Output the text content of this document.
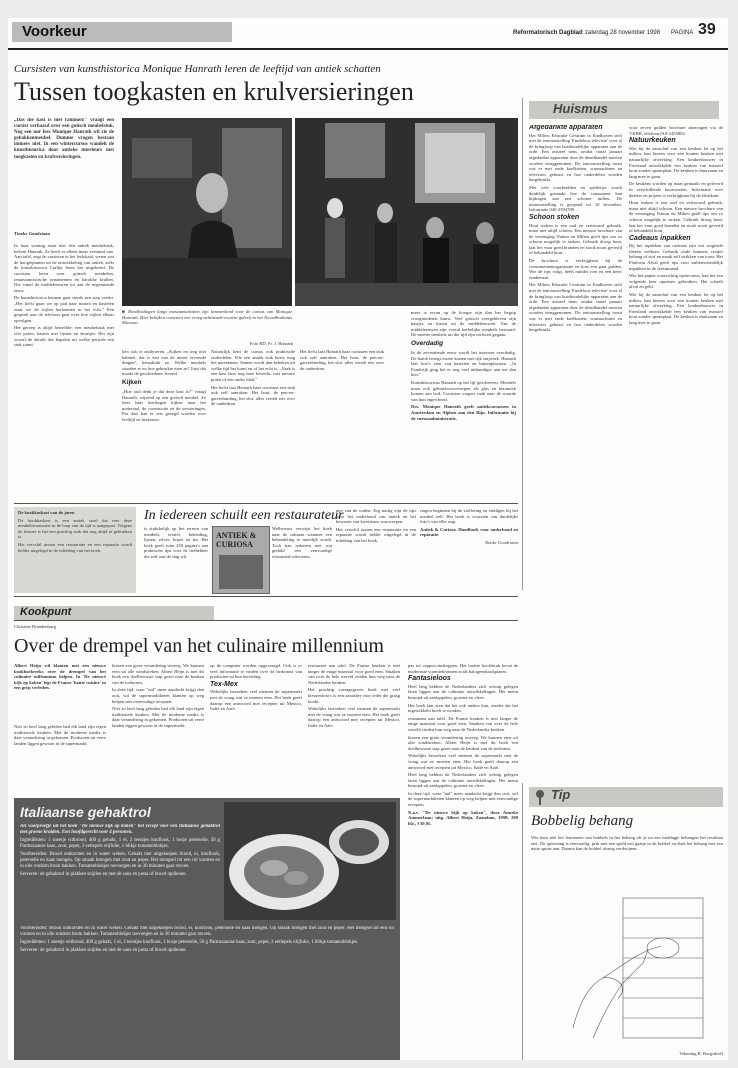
Voorkeur	Reformatorisch Dagblad zaterdag 28 november 1998 PAGINA 39
Cursisten van kunsthistorica Monique Hanrath leren de leeftijd van antiek schatten
Tussen toogkasten en krulversieringen
„Das die kast is niet rammen!" vraagt een cursist verbaasd over een gotisch meubelstuk. Nog een uur lees Monique Hanrath wil zie de gebakkenmeubel. Dumme vragen bestaan immers niet. In een wintercursus wandelt de kunsthistorica door antieke interieurs met toogkasten en krulversieringen.
Tineke Goudriaan

In haar woning staat niet één antiek meubelstuk, bekent Hanrath. Ze heeft er alleen maar verstand van. Aan tafel, zegt de cursisten in het leslokaal, weten wat de hoogtepunten uit de ontwikkeling van antiek, zelfs de kunsthistorica Carlijn leren het uitgebreid. De cursisten leren over gotisch meubelen, renaissancistische ornamenten en barokke krullen. Die vanaf de middeleeuwen tot aan de negentiende eeuw.

De kunsthistorica kennen gaat steeds een stap verder. „Het liefst gaan we op pad naar musea en kastelen waar we de stijlen herkennen in het echt." Een gesprek aan de telefoon gaat over hoe stijlen elkaar opvolgen.

Het geroep is altijd hetzelfde: een meubelstuk met vier poten, kasten met lijsten en deurtjes. Het zijn vooral de details die bepalen uit welke periode een stuk stamt.

■ Rondleidingen langs museumschatten zijn kenmerkend voor de cursus van Monique Hanrath. Hier bekijken cursisten een vroeg-achttiende-eeuwse galerij in het Noordbrabants Museum.
Foto RD, Fr. J. Hanrath

ken ook te analyseren. „Kijken en weg niet kabinet, dat is een van de meest ervoerde dingen", benadrukt ze. Welke meubels stonden er en hoe gebruikte men ze? Juist dat maakt de geschiedenis levend.

Kijken

„Hoe oud denk je dat deze kast is?" vraagt Hanrath, wijzend op een gotisch meubel. Ze leert haar leerlingen kijken naar het materiaal, de constructie en de versieringen. Pas dan kan er iets gezegd worden over leeftijd en herkomst.

Natuurlijk kent de cursus ook praktische onderdelen. Wie een antiek stuk bezit, mag het meenemen. Samen wordt dan bekeken uit welke tijd het komt en of het echt is. „Vaak is een kast later nog eens bewerkt, met nieuwe poten of een ander blad."

Het liefst laat Hanrath haar cursisten een stuk ook zelf aanraken. Het hout, de pen-en-gatverbinding, het slot: alles vertelt iets over de ouderdom.

Het liefst laat Hanrath haar cursisten een stuk ook zelf aanraken. Het hout, de pen-en-gatverbinding, het slot: alles vertelt iets over de ouderdom.

meer is ervan op de hoogte zijn dan het begrip vroegmoderne kunst. Veel gotisch overgebleven zijn kastjes en kisten uit de middeleeuwen. Van de middeleeuwen zijn vooral kerkelijke meubels bewaard. De meeste meubels uit die tijd zijn verloren gegaan.

Overdadig

In de zeventiende eeuw wordt het interieur overdadig. De barok brengt zware kasten met rijk snijwerk. Hanrath laat foto's zien van kastelen en buitenplaatsen. „In Frankrijk ging het er nog veel uitbundiger aan toe dan hier."

Kunsthistoricus Hanrath op het lijf geschreven. Meubels maar ook gebruiksvoorwerpen als glas en keramiek komen aan bod. Cursisten vragen vaak naar de waarde van hun eigen bezit.

Drs. Monique Hanrath geeft antiekcursussen in Amsterdam en Alphen aan den Rijn. Informatie bij de cursusadministratie.

Huismus

Afgedankte apparaten

Het Milieu Educatie Centrum in Eindhoven stelt met de tentoonstelling 'Eindeloos televisie' voor al de kringloop van huishoudelijke apparaten aan de orde. Een actueel item, omdat vanaf januari afgedankte apparaten door de detailhandel moeten worden teruggenomen. De tentoonstelling toont wat er met oude koelkasten, wasmachines en televisies gebeurt en hoe onderdelen worden hergebruikt.

Met vele voorbeelden en spelletjes wordt duidelijk gemaakt hoe de consument kan bijdragen aan een schoner milieu. De tentoonstelling is geopend tot 10 december. Informatie 040-2594780.

Schoon stoken

Hout stoken is een oud en vertrouwd gebruik, maar niet altijd schoon. Een nieuwe brochure van de vereniging Natuur en Milieu geeft tips om zo schoon mogelijk te stoken. Gebruik droog hout, laat het vuur goed branden en stook nooit geverfd of behandeld hout.

De brochure is verkrijgbaar bij de consumentenorganisatie en kost een paar gulden. Wie de tips volgt, heeft minder roet en een beter rendement.

Het Milieu Educatie Centrum in Eindhoven stelt met de tentoonstelling 'Eindeloos televisie' voor al de kringloop van huishoudelijke apparaten aan de orde. Een actueel item, omdat vanaf januari afgedankte apparaten door de detailhandel moeten worden teruggenomen. De tentoonstelling toont wat er met oude koelkasten, wasmachines en televisies gebeurt en hoe onderdelen worden hergebruikt.

voor zeven gulden brochure aanvragen via de VKBR, telefoon 010-2455802.

Natuurkeuken

Wie bij de aanschaf van een keuken let op het milieu, kan kiezen voor een houten keuken met natuurlijke afwerking. Een keukenbouwer in Friesland ontwikkelde een keuken van massief hout zonder spaanplaat. De keuken is duurzaam en lang mee te gaan.

De keukens worden op maat gemaakt en geleverd in verschillende houtsoorten. Informatie over dealers en prijzen is verkrijgbaar bij de fabrikant.

Hout stoken is een oud en vertrouwd gebruik, maar niet altijd schoon. Een nieuwe brochure van de vereniging Natuur en Milieu geeft tips om zo schoon mogelijk te stoken. Gebruik droog hout, laat het vuur goed branden en stook nooit geverfd of behandeld hout.

Cadeaus inpakken

Bij het inpakken van cadeaus zijn wat originele ideeën welkom. Gebruik oude kranten, restjes behang of stof en maak zelf strikken van touw. Het Platform Afval geeft tips voor milieuvriendelijk inpakken in de feestmaand.

Wie het papier voorzichtig openvouwt, kan het een volgende keer opnieuw gebruiken. Het scheelt afval en geld.

Wie bij de aanschaf van een keuken let op het milieu, kan kiezen voor een houten keuken met natuurlijke afwerking. Een keukenbouwer in Friesland ontwikkelde een keuken van massief hout zonder spaanplaat. De keuken is duurzaam en lang mee te gaan.

De kookkaskast van de jaren

De kookkaskast is een antiek stoel dat met deze meubelrestauratie in de loop van de tijd is aangepast. Volgens de kenner is het een prachtig stuk dat nog altijd te gebruiken is.

Het verschil tussen een restauratie en een reparatie wordt helder uitgelegd in de inleiding van het boek.

In iedereen schuilt een restaurateur
is stukskelijk op het terrein van meubels, textiel, bekleding, lijsten, zilver, koper en tin. Het boek geeft ruim 250 pagina's aan praktische tips voor de liefhebber die zelf aan de slag wil.
ANTIEK & CURIOSA
Welbewust verwijst het boek naar de vakman wanneer een behandeling te moeilijk wordt. Toch kan iedereen met wat geduld een eenvoudige restauratie uitvoeren.

nen van de ouden. Erg nuttig zijn de tips voor het onderhoud van antiek en het bewaren van kwetsbare voorwerpen.

Het verschil tussen een restauratie en een reparatie wordt helder uitgelegd in de inleiding van het boek.

ringen beginnen bij de stoffering en eindigen bij het meubel zelf. Het boek is voorzien van duidelijke foto's van elke stap.

Antiek & Curiosa. Handboek voor onderhoud en reparatie.

Tineke Goudriaan

Kookpunt
Christine Brandenburg
Over de drempel van het culinaire millennium
Albert Heijn wil klanten met een nieuwe kookboekreeks over de drempel van het culinaire millennium helpen. In 'De nieuwe kijk op koken' legt de Franse 'haute cuisine' in een grijs verleden.
Niet zo heel lang geleden had elk land zijn eigen traditionele keuken. Met de moderne media is daar verandering in gekomen. Producten uit verre landen liggen gewoon in de supermarkt.

kiezen een grote verandering teweeg. We kunnen eten uit alle windstreken. Albert Heijn is met dit boek een doelbewuste stap gezet naar de keuken van de toekomst.

In deze tijd, waar "nul" meer aandacht krijgt dan ooit, wil de supermarktketen klanten op weg helpen met eenvoudige recepten.

Niet zo heel lang geleden had elk land zijn eigen traditionele keuken. Met de moderne media is daar verandering in gekomen. Producten uit verre landen liggen gewoon in de supermarkt.

op de computer worden opgevraagd. Ook is er veel informatie te vinden over de herkomst van producten en hun bereiding.

Tex-Mex

Wekelijks bezoeken veel mensen de supermarkt met de vraag wat ze moeten eten. Het boek geeft daarop een antwoord met recepten uit Mexico, Italië en Azië.

restaurant aan tafel. De Franse keuken is niet langer de enige maatstaf voor goed eten. Smaken van over de hele wereld vinden hun weg naar de Nederlandse keuken.

Het prachtig vormgegeven boek met veel kleurenfoto's is een aanrader voor ieder die graag kookt.

Wekelijks bezoeken veel mensen de supermarkt met de vraag wat ze moeten eten. Het boek geeft daarop een antwoord met recepten uit Mexico, Italië en Azië.

pas tot cappuccinokoppen. Het laatste hoofdstuk bevat de modernste warmtebronnen zoals halogeenkookplaten.

Fantasieloos

Heel lang hebben de Nederlanders zich weinig gelegen laten liggen aan de culinaire ontwikkelingen. Het menu bestond uit aardappelen, groente en vlees.

Het boek laat zien dat het ook anders kan, zonder dat het ingewikkeld hoeft te worden.

restaurant aan tafel. De Franse keuken is niet langer de enige maatstaf voor goed eten. Smaken van over de hele wereld vinden hun weg naar de Nederlandse keuken.

kiezen een grote verandering teweeg. We kunnen eten uit alle windstreken. Albert Heijn is met dit boek een doelbewuste stap gezet naar de keuken van de toekomst.

Wekelijks bezoeken veel mensen de supermarkt met de vraag wat ze moeten eten. Het boek geeft daarop een antwoord met recepten uit Mexico, Italië en Azië.

Heel lang hebben de Nederlanders zich weinig gelegen laten liggen aan de culinaire ontwikkelingen. Het menu bestond uit aardappelen, groente en vlees.

In deze tijd, waar "nul" meer aandacht krijgt dan ooit, wil de supermarktketen klanten op weg helpen met eenvoudige recepten.

N.a.v. "De nieuwe kijk op koken", door Anneke Ammerlaan; uitg. Albert Heijn, Zaandam, 1998; 200 blz., f 39,95.

Italiaanse gehaktrol

Als voorproefje uit het boek "De nieuwe kijk op koken" het recept voor een Italiaanse gehaktrol met groene kruiden. Een hoofdgerecht voor 4 personen.

Ingrediënten: 1 sneetje witbrood, 400 g gehakt, 1 ei, 2 teentjes knoflook, 1 bosje peterselie, 50 g Parmezaanse kaas, zout, peper, 2 eetlepels olijfolie, 1 blikje tomatenblokjes.

Voorbereiden: Brood ontkorsten en in water weken. Gehakt met uitgeknepen brood, ei, knoflook, peterselie en kaas mengen. Op smaak brengen met zout en peper. Het mengsel tot een rol vormen en in olie rondom bruin bakken. Tomatenblokjes toevoegen en in 30 minuten gaar stoven.

Serveren: de gehaktrol in plakken snijden en met de saus en pasta of brood opdienen.

Voorbereiden: Brood ontkorsten en in water weken. Gehakt met uitgeknepen brood, ei, knoflook, peterselie en kaas mengen. Op smaak brengen met zout en peper. Het mengsel tot een rol vormen en in olie rondom bruin bakken. Tomatenblokjes toevoegen en in 30 minuten gaar stoven.

Ingrediënten: 1 sneetje witbrood, 400 g gehakt, 1 ei, 2 teentjes knoflook, 1 bosje peterselie, 50 g Parmezaanse kaas, zout, peper, 2 eetlepels olijfolie, 1 blikje tomatenblokjes.

Serveren: de gehaktrol in plakken snijden en met de saus en pasta of brood opdienen.

Tip
Bobbelig behang
Wie kent niet het fenomeen van bobbels in het behang als je na een middagje behangen het resultaat ziet. De oplossing is eenvoudig: prik met een speld een gaatje in de bobbel en druk het behang met een natte spons aan. Daarna kan de bobbel alsnog verdwijnen.
Tekening R. Borgsdorff
